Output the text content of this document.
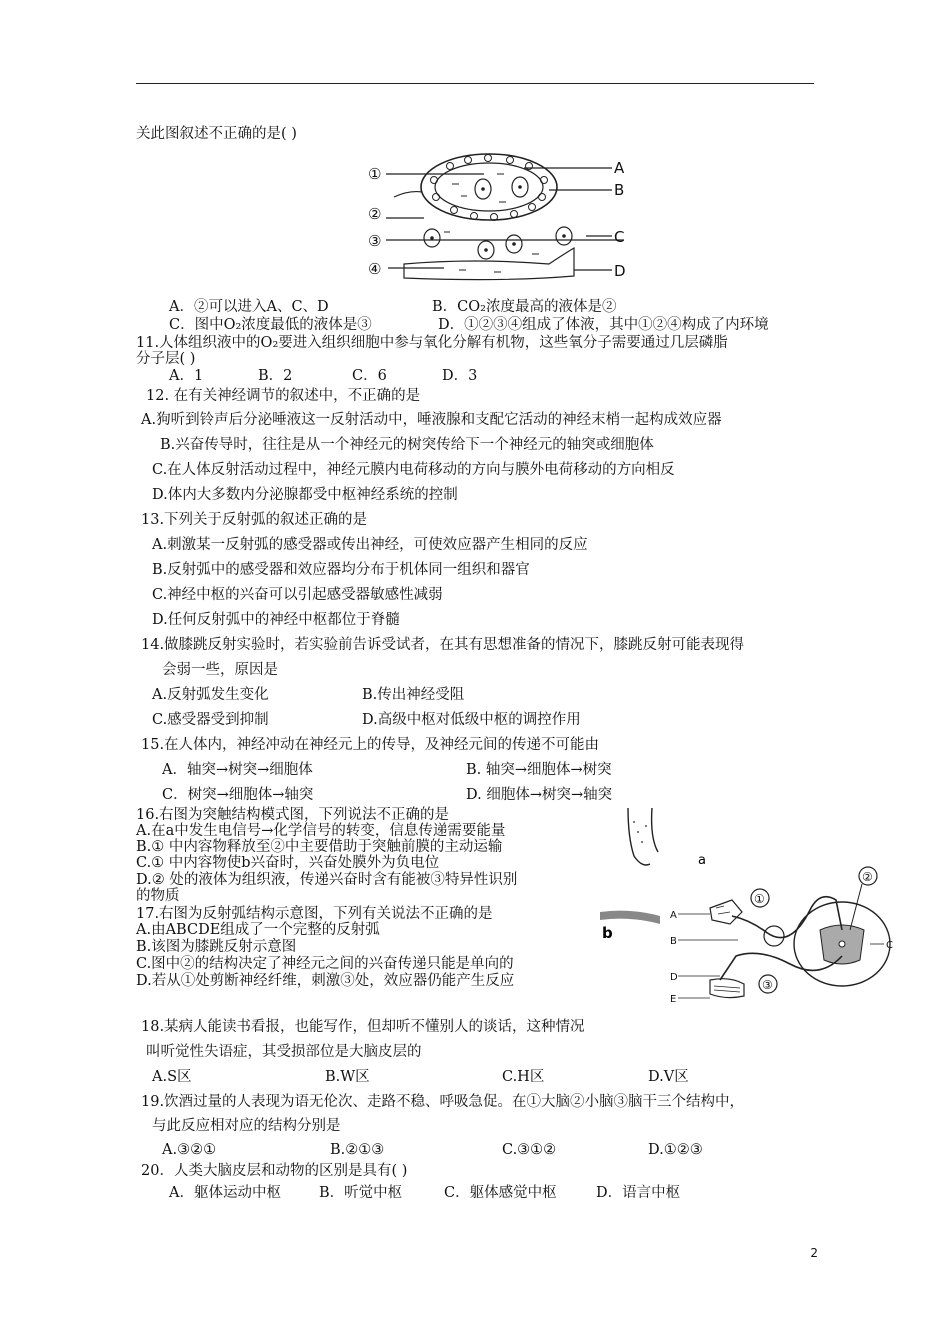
关此图叙述不正确的是( )
①
②
③
④
A
B
C
D
A．②可以进入A、C、D	B．CO₂浓度最高的液体是②
C．图中O₂浓度最低的液体是③	D．①②③④组成了体液，其中①②④构成了内环境
11.人体组织液中的O₂要进入组织细胞中参与氧化分解有机物，这些氧分子需要通过几层磷脂
分子层( )
A．1	B．2	C．6	D．3
12. 在有关神经调节的叙述中，不正确的是
A.狗听到铃声后分泌唾液这一反射活动中，唾液腺和支配它活动的神经末梢一起构成效应器
B.兴奋传导时，往往是从一个神经元的树突传给下一个神经元的轴突或细胞体
C.在人体反射活动过程中，神经元膜内电荷移动的方向与膜外电荷移动的方向相反
D.体内大多数内分泌腺都受中枢神经系统的控制
13.下列关于反射弧的叙述正确的是
A.刺激某一反射弧的感受器或传出神经，可使效应器产生相同的反应
B.反射弧中的感受器和效应器均分布于机体同一组织和器官
C.神经中枢的兴奋可以引起感受器敏感性减弱
D.任何反射弧中的神经中枢都位于脊髓
14.做膝跳反射实验时，若实验前告诉受试者，在其有思想准备的情况下，膝跳反射可能表现得
会弱一些，原因是
A.反射弧发生变化	B.传出神经受阻
C.感受器受到抑制	D.高级中枢对低级中枢的调控作用
15.在人体内，神经冲动在神经元上的传导，及神经元间的传递不可能由
A．轴突→树突→细胞体	B. 轴突→细胞体→树突
C．树突→细胞体→轴突	D. 细胞体→树突→轴突
16.右图为突触结构模式图，下列说法不正确的是
A.在a中发生电信号→化学信号的转变，信息传递需要能量
B.① 中内容物释放至②中主要借助于突触前膜的主动运输
C.① 中内容物使b兴奋时，兴奋处膜外为负电位
D.② 处的液体为组织液，传递兴奋时含有能被③特异性识别
的物质
a
b
17.右图为反射弧结构示意图，下列有关说法不正确的是
A.由ABCDE组成了一个完整的反射弧
B.该图为膝跳反射示意图
C.图中②的结构决定了神经元之间的兴奋传递只能是单向的
D.若从①处剪断神经纤维，刺激③处，效应器仍能产生反应
A
B
D
E
C
①
②
③
18.某病人能读书看报，也能写作，但却听不懂别人的谈话，这种情况
叫听觉性失语症，其受损部位是大脑皮层的
A.S区	B.W区	C.H区	D.V区
19.饮酒过量的人表现为语无伦次、走路不稳、呼吸急促。在①大脑②小脑③脑干三个结构中，
与此反应相对应的结构分别是
A.③②①	B.②①③	C.③①②	D.①②③
20．人类大脑皮层和动物的区别是具有( )
A．躯体运动中枢	B．听觉中枢	C．躯体感觉中枢	D．语言中枢
2
